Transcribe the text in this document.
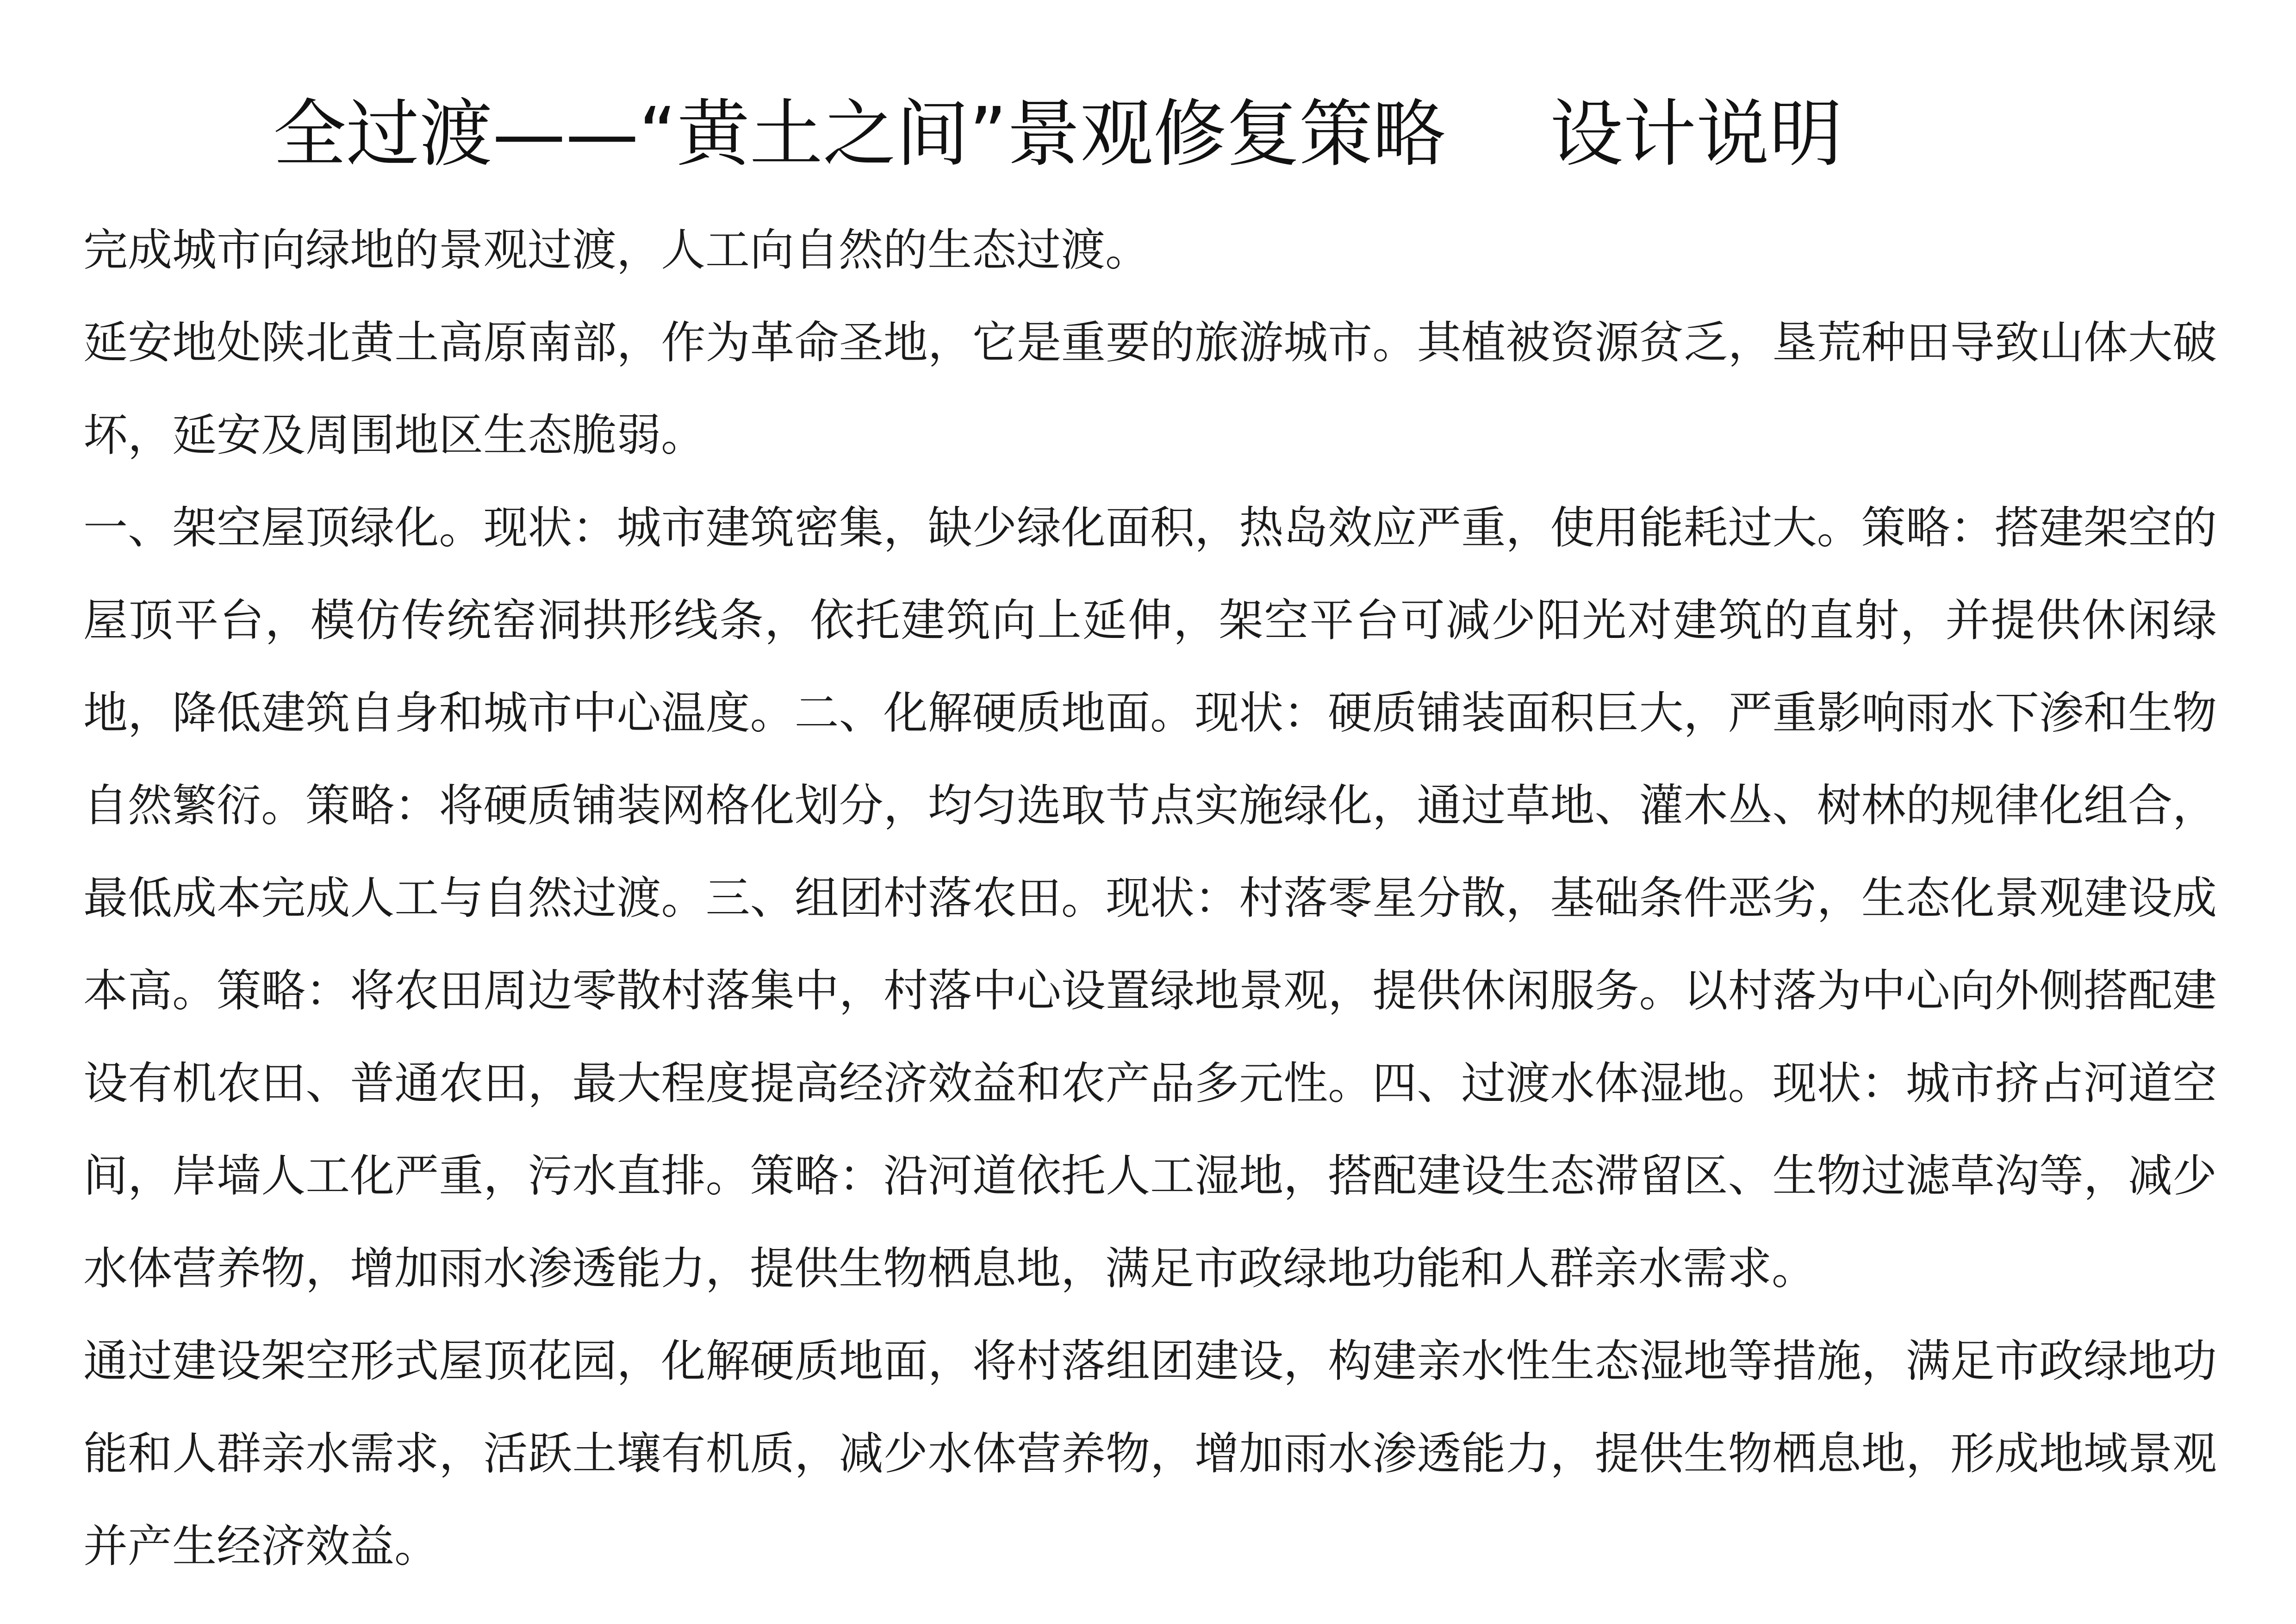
全过渡——“黄土之间”景观修复策略 设计说明

完成城市向绿地的景观过渡，人工向自然的生态过渡。

延安地处陕北黄土高原南部，作为革命圣地，它是重要的旅游城市。其植被资源贫乏，垦荒种田导致山体大破坏，延安及周围地区生态脆弱。

一、架空屋顶绿化。现状：城市建筑密集，缺少绿化面积，热岛效应严重，使用能耗过大。策略：搭建架空的屋顶平台，模仿传统窑洞拱形线条，依托建筑向上延伸，架空平台可减少阳光对建筑的直射，并提供休闲绿地，降低建筑自身和城市中心温度。二、化解硬质地面。现状：硬质铺装面积巨大，严重影响雨水下渗和生物自然繁衍。策略：将硬质铺装网格化划分，均匀选取节点实施绿化，通过草地、灌木丛、树林的规律化组合，最低成本完成人工与自然过渡。三、组团村落农田。现状：村落零星分散，基础条件恶劣，生态化景观建设成本高。策略：将农田周边零散村落集中，村落中心设置绿地景观，提供休闲服务。以村落为中心向外侧搭配建设有机农田、普通农田，最大程度提高经济效益和农产品多元性。四、过渡水体湿地。现状：城市挤占河道空间，岸墙人工化严重，污水直排。策略：沿河道依托人工湿地，搭配建设生态滞留区、生物过滤草沟等，减少水体营养物，增加雨水渗透能力，提供生物栖息地，满足市政绿地功能和人群亲水需求。

通过建设架空形式屋顶花园，化解硬质地面，将村落组团建设，构建亲水性生态湿地等措施，满足市政绿地功能和人群亲水需求，活跃土壤有机质，减少水体营养物，增加雨水渗透能力，提供生物栖息地，形成地域景观并产生经济效益。
